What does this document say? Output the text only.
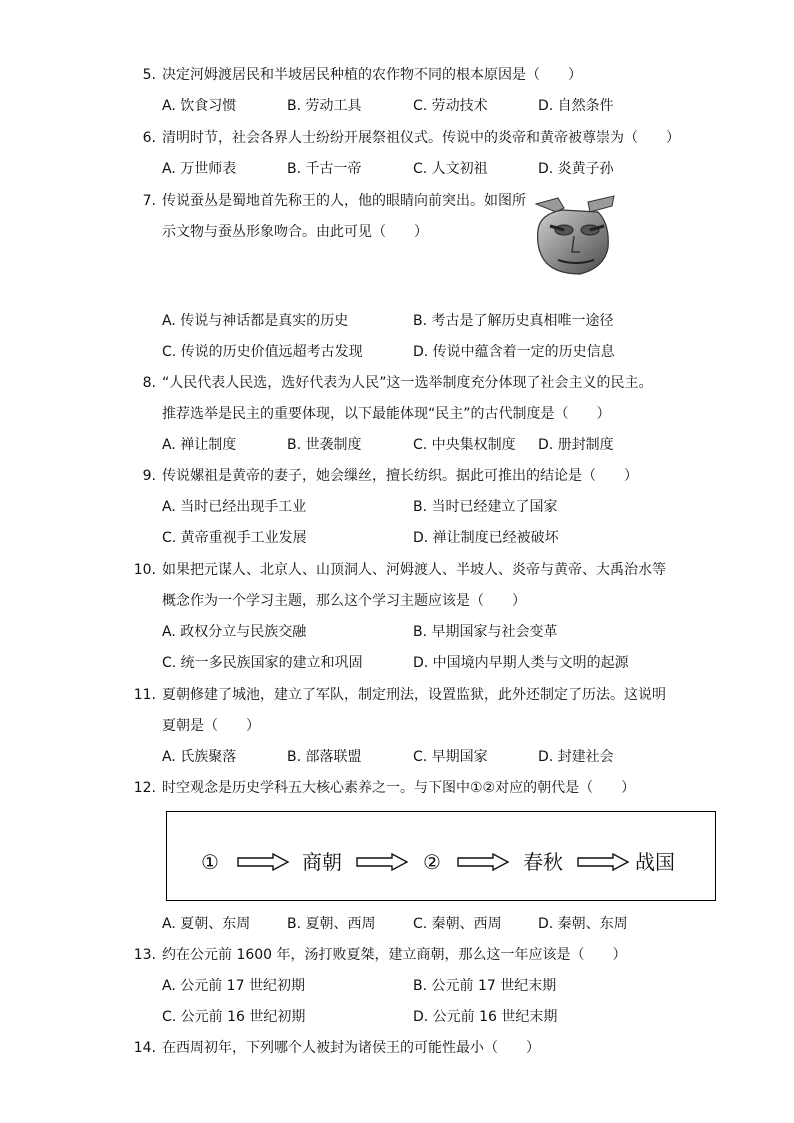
5. 决定河姆渡居民和半坡居民种植的农作物不同的根本原因是（　　）
A. 饮食习惯	B. 劳动工具	C. 劳动技术	D. 自然条件
6. 清明时节，社会各界人士纷纷开展祭祖仪式。传说中的炎帝和黄帝被尊崇为（　　）
A. 万世师表	B. 千古一帝	C. 人文初祖	D. 炎黄子孙
7. 传说蚕丛是蜀地首先称王的人，他的眼睛向前突出。如图所
示文物与蚕丛形象吻合。由此可见（　　）
A. 传说与神话都是真实的历史	B. 考古是了解历史真相唯一途径
C. 传说的历史价值远超考古发现	D. 传说中蕴含着一定的历史信息
8. “人民代表人民选，选好代表为人民”这一选举制度充分体现了社会主义的民主。
推荐选举是民主的重要体现，以下最能体现“民主”的古代制度是（　　）
A. 禅让制度	B. 世袭制度	C. 中央集权制度 D. 册封制度
9. 传说嫘祖是黄帝的妻子，她会缫丝，擅长纺织。据此可推出的结论是（　　）
A. 当时已经出现手工业	B. 当时已经建立了国家
C. 黄帝重视手工业发展	D. 禅让制度已经被破坏
10. 如果把元谋人、北京人、山顶洞人、河姆渡人、半坡人、炎帝与黄帝、大禹治水等
概念作为一个学习主题，那么这个学习主题应该是（　　）
A. 政权分立与民族交融	B. 早期国家与社会变革
C. 统一多民族国家的建立和巩固	D. 中国境内早期人类与文明的起源
11. 夏朝修建了城池，建立了军队，制定刑法，设置监狱，此外还制定了历法。这说明
夏朝是（　　）
A. 氏族聚落	B. 部落联盟	C. 早期国家	D. 封建社会
12. 时空观念是历史学科五大核心素养之一。与下图中①②对应的朝代是（　　）
①	商朝	②	春秋	战国
A. 夏朝、东周	B. 夏朝、西周	C. 秦朝、西周	D. 秦朝、东周
13. 约在公元前 1600 年，汤打败夏桀，建立商朝，那么这一年应该是（　　）
A. 公元前 17 世纪初期	B. 公元前 17 世纪末期
C. 公元前 16 世纪初期	D. 公元前 16 世纪末期
14. 在西周初年，下列哪个人被封为诸侯王的可能性最小（　　）
